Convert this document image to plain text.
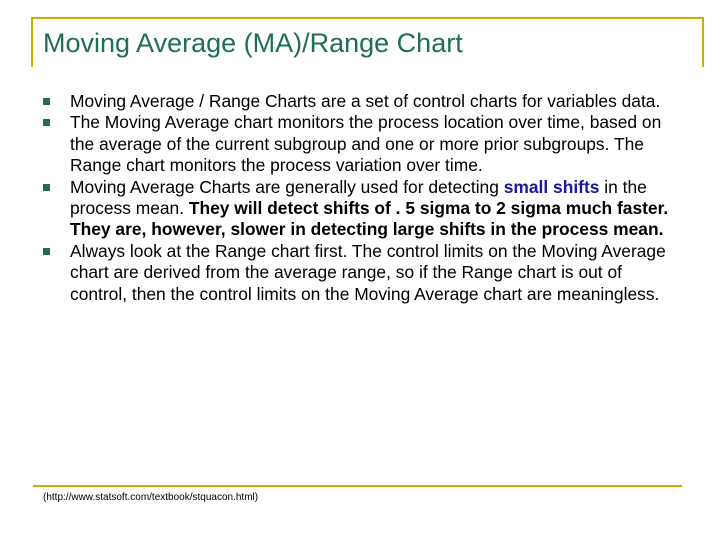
Moving Average (MA)/Range Chart

Moving Average / Range Charts are a set of control charts for variables data.

The Moving Average chart monitors the process location over time, based on the average of the current subgroup and one or more prior subgroups. The Range chart monitors the process variation over time.

Moving Average Charts are generally used for detecting small shifts in the process mean. They will detect shifts of . 5 sigma to 2 sigma much faster. They are, however, slower in detecting large shifts in the process mean.

Always look at the Range chart first. The control limits on the Moving Average chart are derived from the average range, so if the Range chart is out of control, then the control limits on the Moving Average chart are meaningless.

(http://www.statsoft.com/textbook/stquacon.html)
